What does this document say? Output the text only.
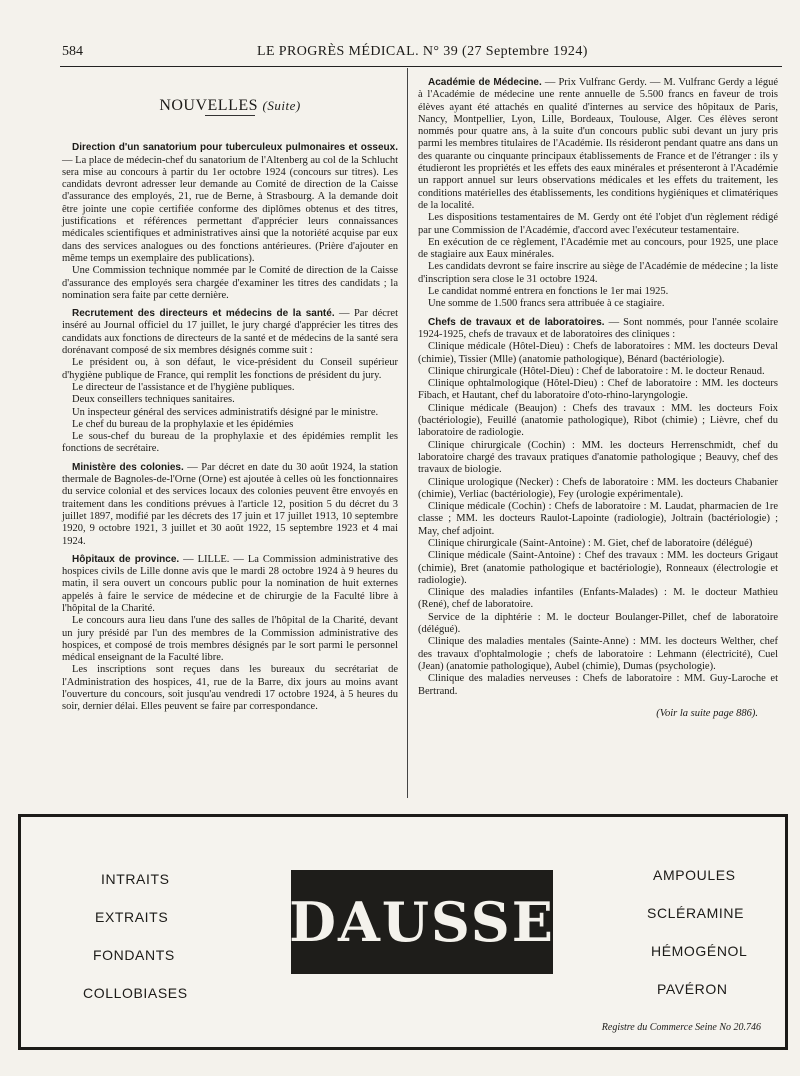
584	LE PROGRÈS MÉDICAL. N° 39 (27 Septembre 1924)
NOUVELLES (Suite)

Direction d'un sanatorium pour tuberculeux pulmonaires et osseux. — La place de médecin-chef du sanatorium de l'Altenberg au col de la Schlucht sera mise au concours à partir du 1er octobre 1924 (concours sur titres). Les candidats devront adresser leur demande au Comité de direction de la Caisse d'assurance des employés, 21, rue de Berne, à Strasbourg. A la demande doit être jointe une copie certifiée conforme des diplômes obtenus et des titres, justifications et références permettant d'apprécier leurs connaissances médicales scientifiques et administratives ainsi que la notoriété acquise par eux dans des services analogues ou des fonctions antérieures. (Prière d'ajouter en même temps un exemplaire des publications).

Une Commission technique nommée par le Comité de direction de la Caisse d'assurance des employés sera chargée d'examiner les titres des candidats ; la nomination sera faite par cette dernière.

Recrutement des directeurs et médecins de la santé. — Par décret inséré au Journal officiel du 17 juillet, le jury chargé d'apprécier les titres des candidats aux fonctions de directeurs de la santé et de médecins de la santé sera dorénavant composé de six membres désignés comme suit :

Le président ou, à son défaut, le vice-président du Conseil supérieur d'hygiène publique de France, qui remplit les fonctions de président du jury.

Le directeur de l'assistance et de l'hygiène publiques.

Deux conseillers techniques sanitaires.

Un inspecteur général des services administratifs désigné par le ministre.

Le chef du bureau de la prophylaxie et les épidémies

Le sous-chef du bureau de la prophylaxie et des épidémies remplit les fonctions de secrétaire.

Ministère des colonies. — Par décret en date du 30 août 1924, la station thermale de Bagnoles-de-l'Orne (Orne) est ajoutée à celles où les fonctionnaires du service colonial et des services locaux des colonies peuvent être envoyés en traitement dans les conditions prévues à l'article 12, position 5 du décret du 3 juillet 1897, modifié par les décrets des 17 juin et 17 juillet 1913, 10 septembre 1920, 9 octobre 1921, 3 juillet et 30 août 1922, 15 septembre 1923 et 4 mai 1924.

Hôpitaux de province. — LILLE. — La Commission administrative des hospices civils de Lille donne avis que le mardi 28 octobre 1924 à 9 heures du matin, il sera ouvert un concours public pour la nomination de huit externes appelés à faire le service de médecine et de chirurgie de la Faculté libre à l'hôpital de la Charité.

Le concours aura lieu dans l'une des salles de l'hôpital de la Charité, devant un jury présidé par l'un des membres de la Commission administrative des hospices, et composé de trois membres désignés par le sort parmi le personnel médical enseignant de la Faculté libre.

Les inscriptions sont reçues dans les bureaux du secrétariat de l'Administration des hospices, 41, rue de la Barre, dix jours au moins avant l'ouverture du concours, soit jusqu'au vendredi 17 octobre 1924, à 5 heures du soir, dernier délai. Elles peuvent se faire par correspondance.

Académie de Médecine. — Prix Vulfranc Gerdy. — M. Vulfranc Gerdy a légué à l'Académie de médecine une rente annuelle de 5.500 francs en faveur de trois élèves ayant été attachés en qualité d'internes au service des hôpitaux de Paris, Nancy, Montpellier, Lyon, Lille, Bordeaux, Toulouse, Alger. Ces élèves seront nommés pour quatre ans, à la suite d'un concours public subi devant un jury pris parmi les membres titulaires de l'Académie. Ils résideront pendant quatre ans dans un des quarante ou cinquante principaux établissements de France et de l'étranger : ils y étudieront les propriétés et les effets des eaux minérales et présenteront à l'Académie un rapport annuel sur leurs observations médicales et les effets du traitement, les conditions matérielles des établissements, les conditions hygiéniques et climatériques de la localité.

Les dispositions testamentaires de M. Gerdy ont été l'objet d'un règlement rédigé par une Commission de l'Académie, d'accord avec l'exécuteur testamentaire.

En exécution de ce règlement, l'Académie met au concours, pour 1925, une place de stagiaire aux Eaux minérales.

Les candidats devront se faire inscrire au siège de l'Académie de médecine ; la liste d'inscription sera close le 31 octobre 1924.

Le candidat nommé entrera en fonctions le 1er mai 1925.

Une somme de 1.500 francs sera attribuée à ce stagiaire.

Chefs de travaux et de laboratoires. — Sont nommés, pour l'année scolaire 1924-1925, chefs de travaux et de laboratoires des cliniques :

Clinique médicale (Hôtel-Dieu) : Chefs de laboratoires : MM. les docteurs Deval (chimie), Tissier (Mlle) (anatomie pathologique), Bénard (bactériologie).

Clinique chirurgicale (Hôtel-Dieu) : Chef de laboratoire : M. le docteur Renaud.

Clinique ophtalmologique (Hôtel-Dieu) : Chef de laboratoire : MM. les docteurs Fibach, et Hautant, chef du laboratoire d'oto-rhino-laryngologie.

Clinique médicale (Beaujon) : Chefs des travaux : MM. les docteurs Foix (bactériologie), Feuillé (anatomie pathologique), Ribot (chimie) ; Lièvre, chef du laboratoire de radiologie.

Clinique chirurgicale (Cochin) : MM. les docteurs Herrenschmidt, chef du laboratoire chargé des travaux pratiques d'anatomie pathologique ; Beauvy, chef des travaux de biologie.

Clinique urologique (Necker) : Chefs de laboratoire : MM. les docteurs Chabanier (chimie), Verliac (bactériologie), Fey (urologie expérimentale).

Clinique médicale (Cochin) : Chefs de laboratoire : M. Laudat, pharmacien de 1re classe ; MM. les docteurs Raulot-Lapointe (radiologie), Joltrain (bactériologie) ; May, chef adjoint.

Clinique chirurgicale (Saint-Antoine) : M. Giet, chef de laboratoire (délégué)

Clinique médicale (Saint-Antoine) : Chef des travaux : MM. les docteurs Grigaut (chimie), Bret (anatomie pathologique et bactériologie), Ronneaux (électrologie et radiologie).

Clinique des maladies infantiles (Enfants-Malades) : M. le docteur Mathieu (René), chef de laboratoire.

Service de la diphtérie : M. le docteur Boulanger-Pillet, chef de laboratoire (délégué).

Clinique des maladies mentales (Sainte-Anne) : MM. les docteurs Welther, chef des travaux d'ophtalmologie ; chefs de laboratoire : Lehmann (électricité), Cuel (Jean) (anatomie pathologique), Aubel (chimie), Dumas (psychologie).

Clinique des maladies nerveuses : Chefs de laboratoire : MM. Guy-Laroche et Bertrand.

(Voir la suite page 886).
INTRAITS
EXTRAITS
FONDANTS
COLLOBIASES
DAUSSE
AMPOULES
SCLÉRAMINE
HÉMOGÉNOL
PAVÉRON
Registre du Commerce Seine No 20.746
